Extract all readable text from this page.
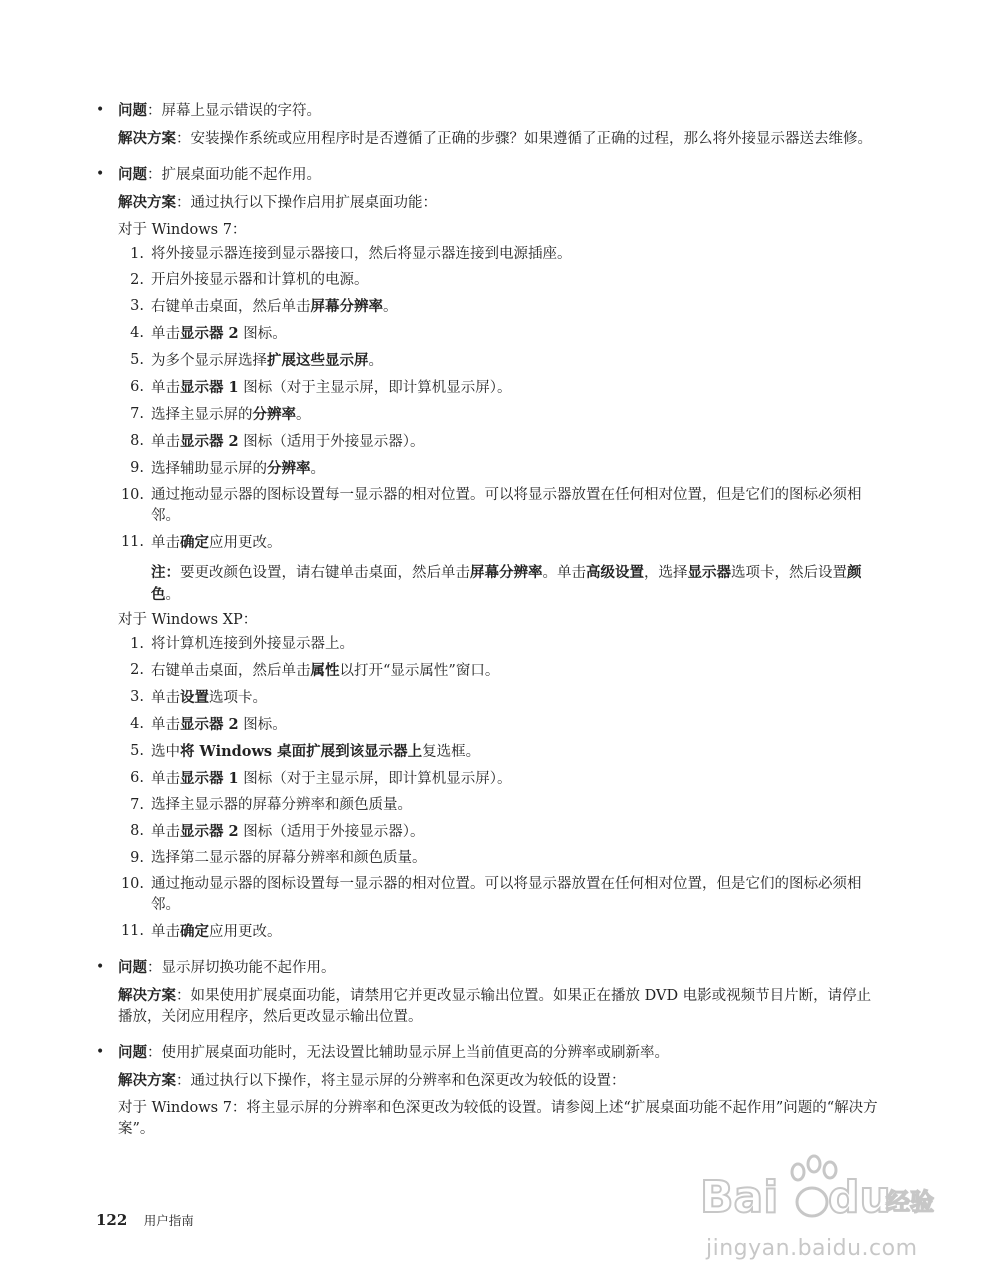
• 问题：屏幕上显示错误的字符。

解决方案：安装操作系统或应用程序时是否遵循了正确的步骤？如果遵循了正确的过程，那么将外接显示器送去维修。

• 问题：扩展桌面功能不起作用。

解决方案：通过执行以下操作启用扩展桌面功能：

对于 Windows 7：
1. 将外接显示器连接到显示器接口，然后将显示器连接到电源插座。
2. 开启外接显示器和计算机的电源。
3. 右键单击桌面，然后单击屏幕分辨率。
4. 单击显示器 2 图标。
5. 为多个显示屏选择扩展这些显示屏。
6. 单击显示器 1 图标（对于主显示屏，即计算机显示屏）。
7. 选择主显示屏的分辨率。
8. 单击显示器 2 图标（适用于外接显示器）。
9. 选择辅助显示屏的分辨率。
10. 通过拖动显示器的图标设置每一显示器的相对位置。可以将显示器放置在任何相对位置，但是它们的图标必须相邻。
11. 单击确定应用更改。

注：要更改颜色设置，请右键单击桌面，然后单击屏幕分辨率。单击高级设置，选择显示器选项卡，然后设置颜色。

对于 Windows XP：
1. 将计算机连接到外接显示器上。
2. 右键单击桌面，然后单击属性以打开“显示属性”窗口。
3. 单击设置选项卡。
4. 单击显示器 2 图标。
5. 选中将 Windows 桌面扩展到该显示器上复选框。
6. 单击显示器 1 图标（对于主显示屏，即计算机显示屏）。
7. 选择主显示器的屏幕分辨率和颜色质量。
8. 单击显示器 2 图标（适用于外接显示器）。
9. 选择第二显示器的屏幕分辨率和颜色质量。
10. 通过拖动显示器的图标设置每一显示器的相对位置。可以将显示器放置在任何相对位置，但是它们的图标必须相邻。
11. 单击确定应用更改。
• 问题：显示屏切换功能不起作用。

解决方案：如果使用扩展桌面功能，请禁用它并更改显示输出位置。如果正在播放 DVD 电影或视频节目片断，请停止播放，关闭应用程序，然后更改显示输出位置。

• 问题：使用扩展桌面功能时，无法设置比辅助显示屏上当前值更高的分辨率或刷新率。

解决方案：通过执行以下操作，将主显示屏的分辨率和色深更改为较低的设置：

对于 Windows 7：将主显示屏的分辨率和色深更改为较低的设置。请参阅上述“扩展桌面功能不起作用”问题的“解决方案”。

122 用户指南	Bai du
经验
jingyan.baidu.com
